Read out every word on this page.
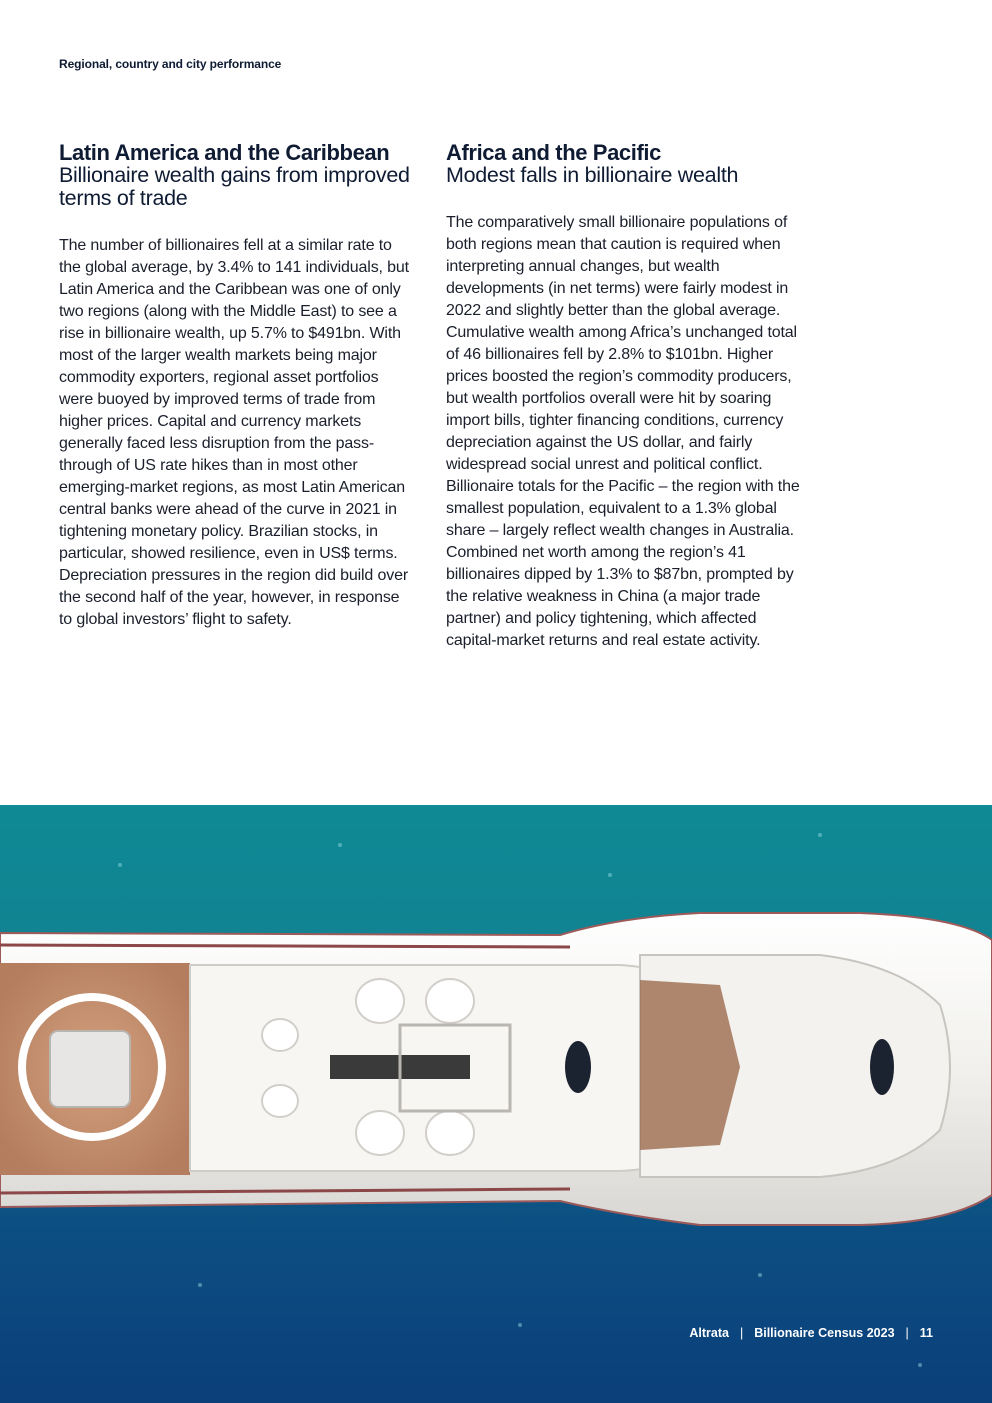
Regional, country and city performance
Latin America and the Caribbean
Billionaire wealth gains from improved terms of trade

The number of billionaires fell at a similar rate to the global average, by 3.4% to 141 individuals, but Latin America and the Caribbean was one of only two regions (along with the Middle East) to see a rise in billionaire wealth, up 5.7% to $491bn. With most of the larger wealth markets being major commodity exporters, regional asset portfolios were buoyed by improved terms of trade from higher prices. Capital and currency markets generally faced less disruption from the pass-through of US rate hikes than in most other emerging-market regions, as most Latin American central banks were ahead of the curve in 2021 in tightening monetary policy. Brazilian stocks, in particular, showed resilience, even in US$ terms. Depreciation pressures in the region did build over the second half of the year, however, in response to global investors’ flight to safety.

Africa and the Pacific
Modest falls in billionaire wealth

The comparatively small billionaire populations of both regions mean that caution is required when interpreting annual changes, but wealth developments (in net terms) were fairly modest in 2022 and slightly better than the global average. Cumulative wealth among Africa’s unchanged total of 46 billionaires fell by 2.8% to $101bn. Higher prices boosted the region’s commodity producers, but wealth portfolios overall were hit by soaring import bills, tighter financing conditions, currency depreciation against the US dollar, and fairly widespread social unrest and political conflict. Billionaire totals for the Pacific – the region with the smallest population, equivalent to a 1.3% global share – largely reflect wealth changes in Australia. Combined net worth among the region’s 41 billionaires dipped by 1.3% to $87bn, prompted by the relative weakness in China (a major trade partner) and policy tightening, which affected capital-market returns and real estate activity.

Altrata | Billionaire Census 2023 | 11
